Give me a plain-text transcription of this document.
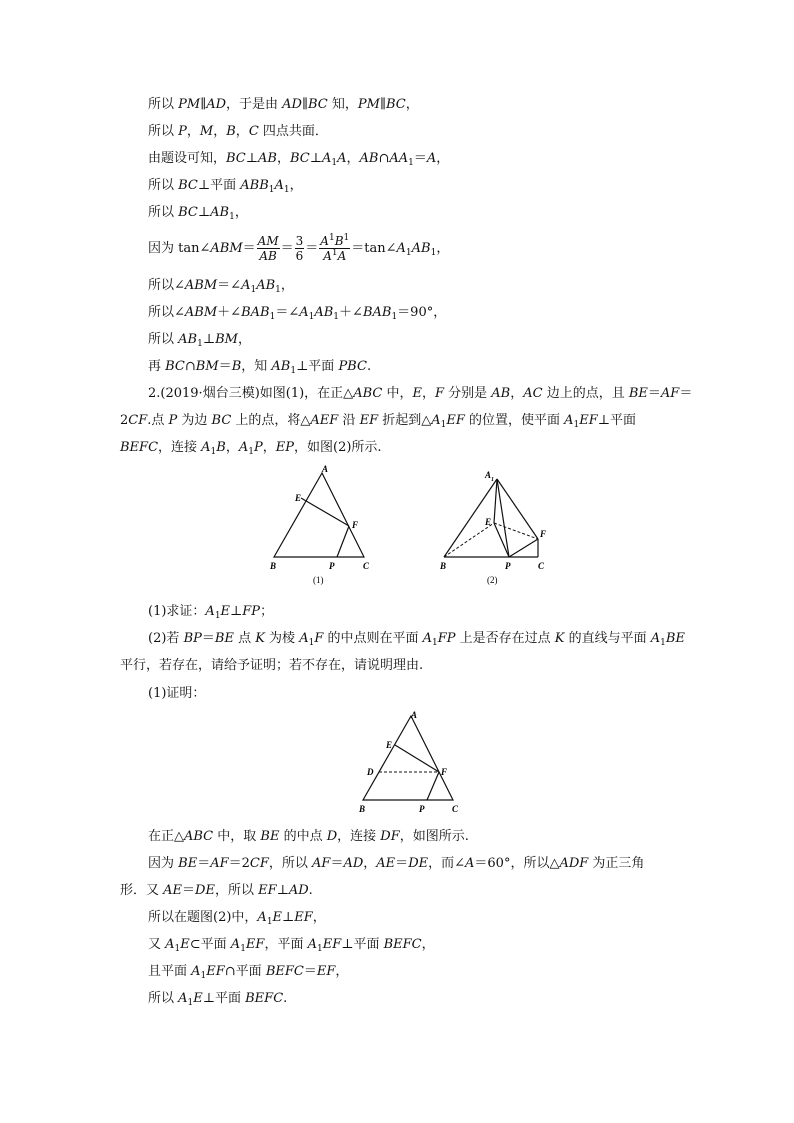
所以 PM∥AD，于是由 AD∥BC 知，PM∥BC，
所以 P，M，B，C 四点共面．
由题设可知，BC⊥AB，$BC\perp A_1A$，$AB\cap AA_1=A$，
所以 BC⊥平面 $ABB_1A_1$，
所以 $BC\perp AB_1$，
因为 tan∠ABM＝ $\frac{AM}{AB} = \frac{3}{6} = \frac{A^1B^1}{A^1A}$ $=\tan\angle A_1AB_1$，
所以$\angle ABM=\angle A_1AB_1$，
所以$\angle ABM+\angle BAB_1=\angle A_1AB_1+\angle BAB_1=90^\circ$，
所以 $AB_1\perp BM$，
再 BC∩BM＝B，知 $AB_1\perp$平面 PBC.
2.(2019·烟台三模)如图(1)，在正△ABC 中，E，F 分别是 AB，AC 边上的点，且 BE＝AF＝
2CF.点 P 为边 BC 上的点，将△AEF 沿 EF 折起到$\triangle A_1EF$ 的位置，使平面 $A_1EF\perp$平面
BEFC，连接 $A_1B$，$A_1P$，EP，如图(2)所示.
A
E
F
B	P	C
(1)
$A_1$
E
F
B	P	C
(2)
(1)求证：$A_1E\perp FP$；
(2)若 BP＝BE 点 K 为棱 $A_1F$ 的中点则在平面 $A_1FP$ 上是否存在过点 K 的直线与平面 $A_1BE$
平行，若存在，请给予证明；若不存在，请说明理由.
(1)证明：
A
E
D	F
B	P	C
在正△ABC 中，取 BE 的中点 D，连接 DF，如图所示.
因为 BE＝AF＝2CF，所以 AF＝AD，AE＝DE，而∠A＝60°，所以△ADF 为正三角
形．又 AE＝DE，所以 EF⊥AD.
所以在题图(2)中，$A_1E\perp EF$，
又 $A_1E\subset$平面 $A_1EF$，平面 $A_1EF\perp$平面 BEFC，
且平面 $A_1EF\cap$平面 BEFC＝EF，
所以 $A_1E\perp$平面 BEFC.
